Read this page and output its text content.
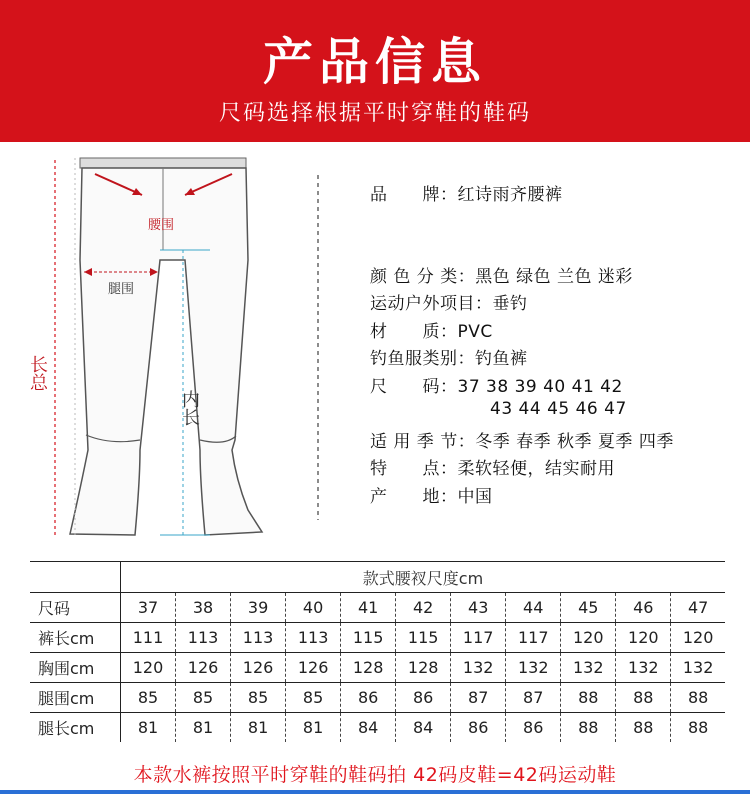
产品信息
尺码选择根据平时穿鞋的鞋码
腰围
腿围
长总
内长
品　　牌：红诗雨齐腰裤
颜 色 分 类：黑色 绿色 兰色 迷彩
运动户外项目：垂钓
材　　质：PVC
钓鱼服类别：钓鱼裤
尺　　码：37 38 39 40 41 42
43 44 45 46 47
适 用 季 节：冬季 春季 秋季 夏季 四季
特　　点：柔软轻便，结实耐用
产　　地：中国
	款式腰衩尺度cm										
尺码	37	38	39	40	41	42	43	44	45	46	47
裤长cm	111	113	113	113	115	115	117	117	120	120	120
胸围cm	120	126	126	126	128	128	132	132	132	132	132
腿围cm	85	85	85	85	86	86	87	87	88	88	88
腿长cm	81	81	81	81	84	84	86	86	88	88	88
本款水裤按照平时穿鞋的鞋码拍 42码皮鞋=42码运动鞋
